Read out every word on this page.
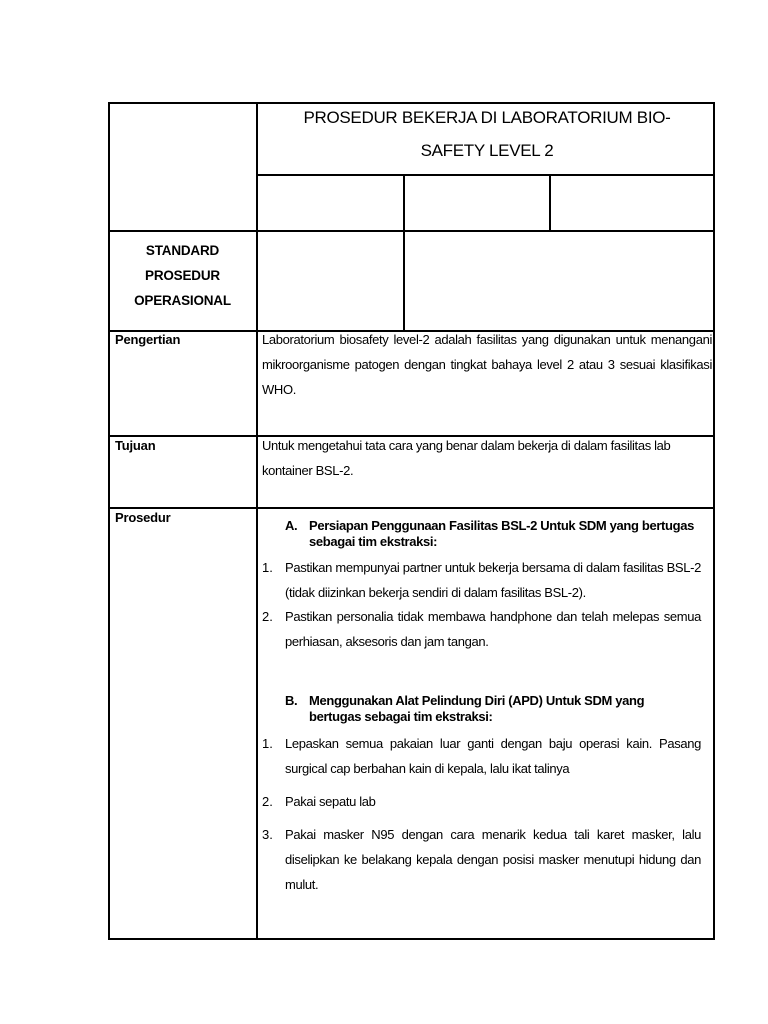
PROSEDUR BEKERJA DI LABORATORIUM BIO-
SAFETY LEVEL 2
STANDARD
PROSEDUR
OPERASIONAL
Pengertian	Laboratorium biosafety level-2 adalah fasilitas yang digunakan untuk menangani mikroorganisme patogen dengan tingkat bahaya level 2 atau 3 sesuai klasifikasi WHO.
Tujuan	Untuk mengetahui tata cara yang benar dalam bekerja di dalam fasilitas lab kontainer BSL-2.
Prosedur
A. Persiapan Penggunaan Fasilitas BSL-2 Untuk SDM yang bertugas sebagai tim ekstraksi:
1. Pastikan mempunyai partner untuk bekerja bersama di dalam fasilitas BSL-2 (tidak diizinkan bekerja sendiri di dalam fasilitas BSL-2).
2. Pastikan personalia tidak membawa handphone dan telah melepas semua perhiasan, aksesoris dan jam tangan.
B. Menggunakan Alat Pelindung Diri (APD) Untuk SDM yang bertugas sebagai tim ekstraksi:
1. Lepaskan semua pakaian luar ganti dengan baju operasi kain. Pasang surgical cap berbahan kain di kepala, lalu ikat talinya
2. Pakai sepatu lab
3. Pakai masker N95 dengan cara menarik kedua tali karet masker, lalu diselipkan ke belakang kepala dengan posisi masker menutupi hidung dan mulut.
